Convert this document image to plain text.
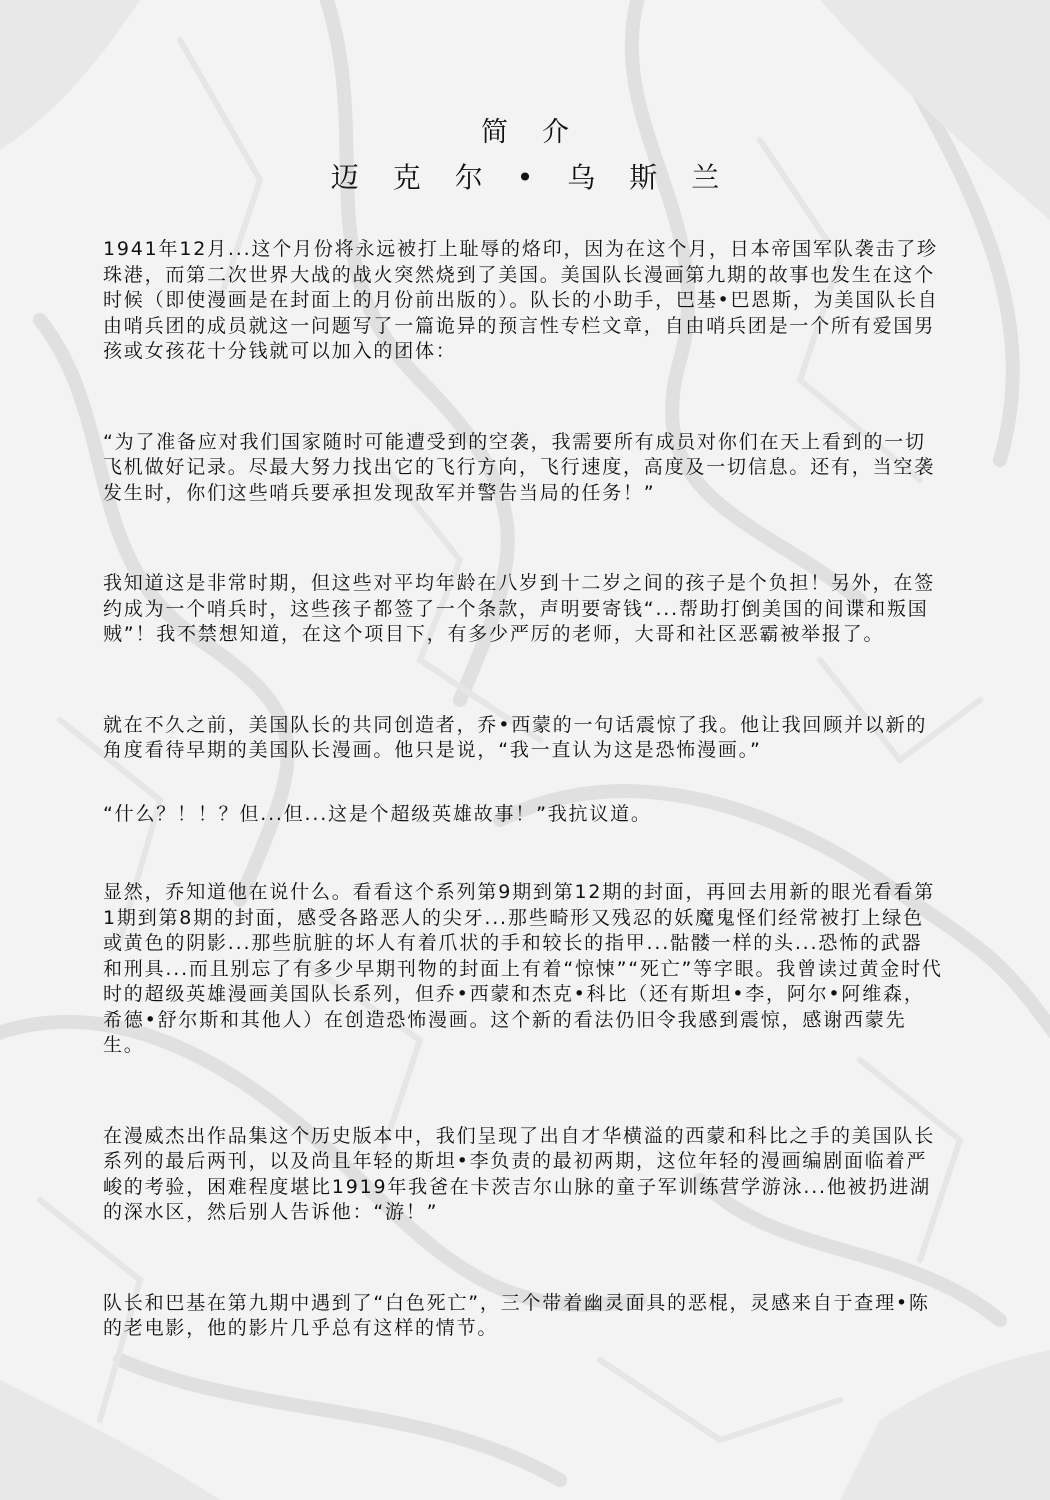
简介
迈克尔•乌斯兰

1941年12月...这个月份将永远被打上耻辱的烙印，因为在这个月，日本帝国军队袭击了珍珠港，而第二次世界大战的战火突然烧到了美国。美国队长漫画第九期的故事也发生在这个时候（即使漫画是在封面上的月份前出版的）。队长的小助手，巴基•巴恩斯，为美国队长自由哨兵团的成员就这一问题写了一篇诡异的预言性专栏文章，自由哨兵团是一个所有爱国男孩或女孩花十分钱就可以加入的团体：

“为了准备应对我们国家随时可能遭受到的空袭，我需要所有成员对你们在天上看到的一切飞机做好记录。尽最大努力找出它的飞行方向，飞行速度，高度及一切信息。还有，当空袭发生时，你们这些哨兵要承担发现敌军并警告当局的任务！”

我知道这是非常时期，但这些对平均年龄在八岁到十二岁之间的孩子是个负担！另外，在签约成为一个哨兵时，这些孩子都签了一个条款，声明要寄钱“...帮助打倒美国的间谍和叛国贼”！我不禁想知道，在这个项目下，有多少严厉的老师，大哥和社区恶霸被举报了。

就在不久之前，美国队长的共同创造者，乔•西蒙的一句话震惊了我。他让我回顾并以新的角度看待早期的美国队长漫画。他只是说，“我一直认为这是恐怖漫画。”

“什么？！！？但...但...这是个超级英雄故事！”我抗议道。

显然，乔知道他在说什么。看看这个系列第9期到第12期的封面，再回去用新的眼光看看第1期到第8期的封面，感受各路恶人的尖牙...那些畸形又残忍的妖魔鬼怪们经常被打上绿色或黄色的阴影...那些肮脏的坏人有着爪状的手和较长的指甲...骷髅一样的头...恐怖的武器和刑具...而且别忘了有多少早期刊物的封面上有着“惊悚”“死亡”等字眼。我曾读过黄金时代时的超级英雄漫画美国队长系列，但乔•西蒙和杰克•科比（还有斯坦•李，阿尔•阿维森，希德•舒尔斯和其他人）在创造恐怖漫画。这个新的看法仍旧令我感到震惊，感谢西蒙先生。

在漫威杰出作品集这个历史版本中，我们呈现了出自才华横溢的西蒙和科比之手的美国队长系列的最后两刊，以及尚且年轻的斯坦•李负责的最初两期，这位年轻的漫画编剧面临着严峻的考验，困难程度堪比1919年我爸在卡茨吉尔山脉的童子军训练营学游泳...他被扔进湖的深水区，然后别人告诉他：“游！”

队长和巴基在第九期中遇到了“白色死亡”，三个带着幽灵面具的恶棍，灵感来自于查理•陈的老电影，他的影片几乎总有这样的情节。
